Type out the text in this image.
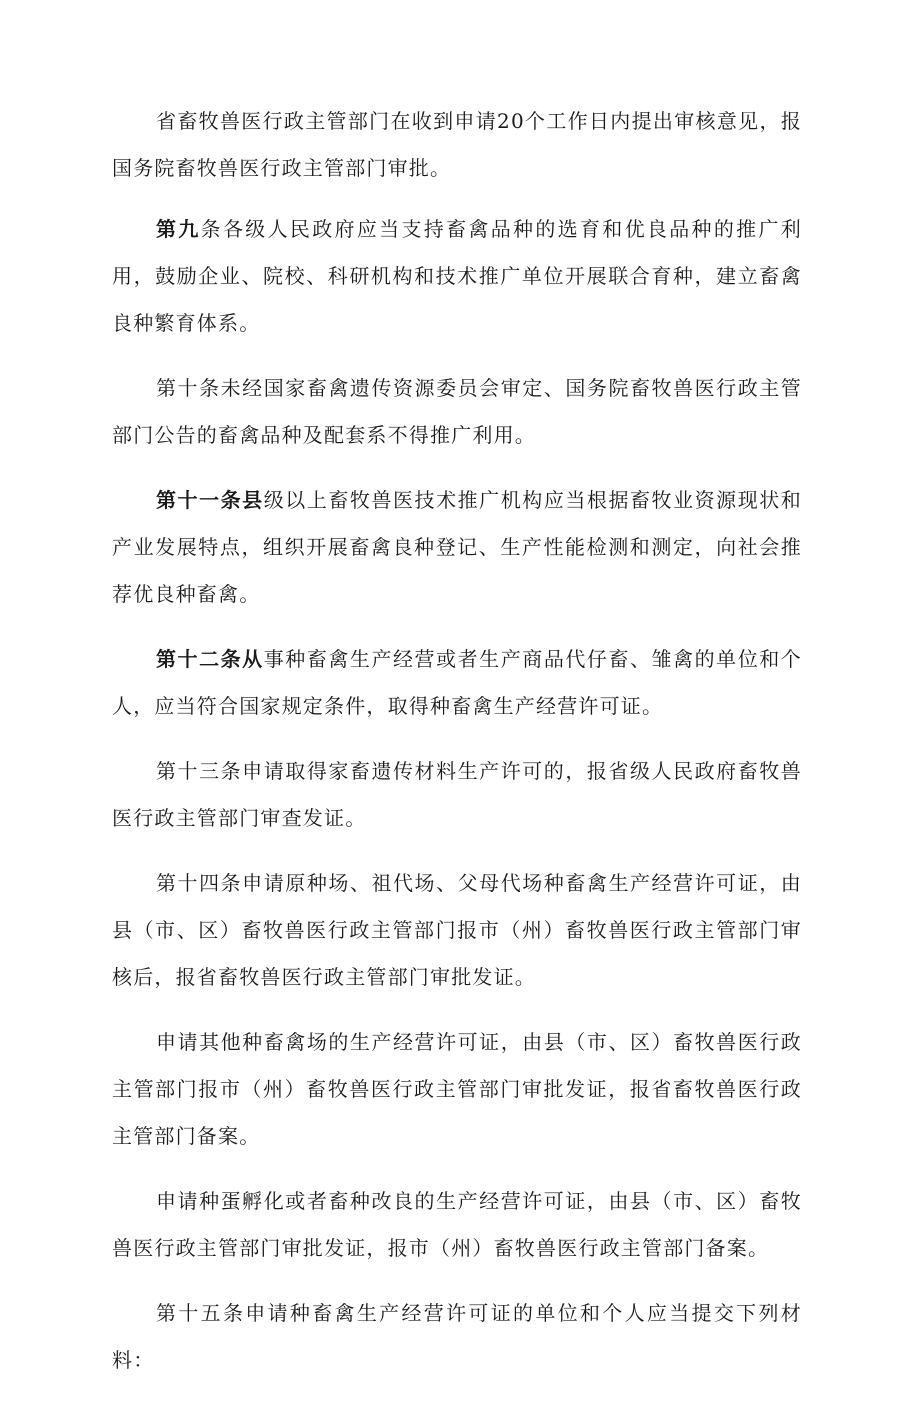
省畜牧兽医行政主管部门在收到申请20个工作日内提出审核意见，报国务院畜牧兽医行政主管部门审批。

第九条各级人民政府应当支持畜禽品种的选育和优良品种的推广利用，鼓励企业、院校、科研机构和技术推广单位开展联合育种，建立畜禽良种繁育体系。

第十条未经国家畜禽遗传资源委员会审定、国务院畜牧兽医行政主管部门公告的畜禽品种及配套系不得推广利用。

第十一条县级以上畜牧兽医技术推广机构应当根据畜牧业资源现状和产业发展特点，组织开展畜禽良种登记、生产性能检测和测定，向社会推荐优良种畜禽。

第十二条从事种畜禽生产经营或者生产商品代仔畜、雏禽的单位和个人，应当符合国家规定条件，取得种畜禽生产经营许可证。

第十三条申请取得家畜遗传材料生产许可的，报省级人民政府畜牧兽医行政主管部门审查发证。

第十四条申请原种场、祖代场、父母代场种畜禽生产经营许可证，由县（市、区）畜牧兽医行政主管部门报市（州）畜牧兽医行政主管部门审核后，报省畜牧兽医行政主管部门审批发证。

申请其他种畜禽场的生产经营许可证，由县（市、区）畜牧兽医行政主管部门报市（州）畜牧兽医行政主管部门审批发证，报省畜牧兽医行政主管部门备案。

申请种蛋孵化或者畜种改良的生产经营许可证，由县（市、区）畜牧兽医行政主管部门审批发证，报市（州）畜牧兽医行政主管部门备案。

第十五条申请种畜禽生产经营许可证的单位和个人应当提交下列材料：
